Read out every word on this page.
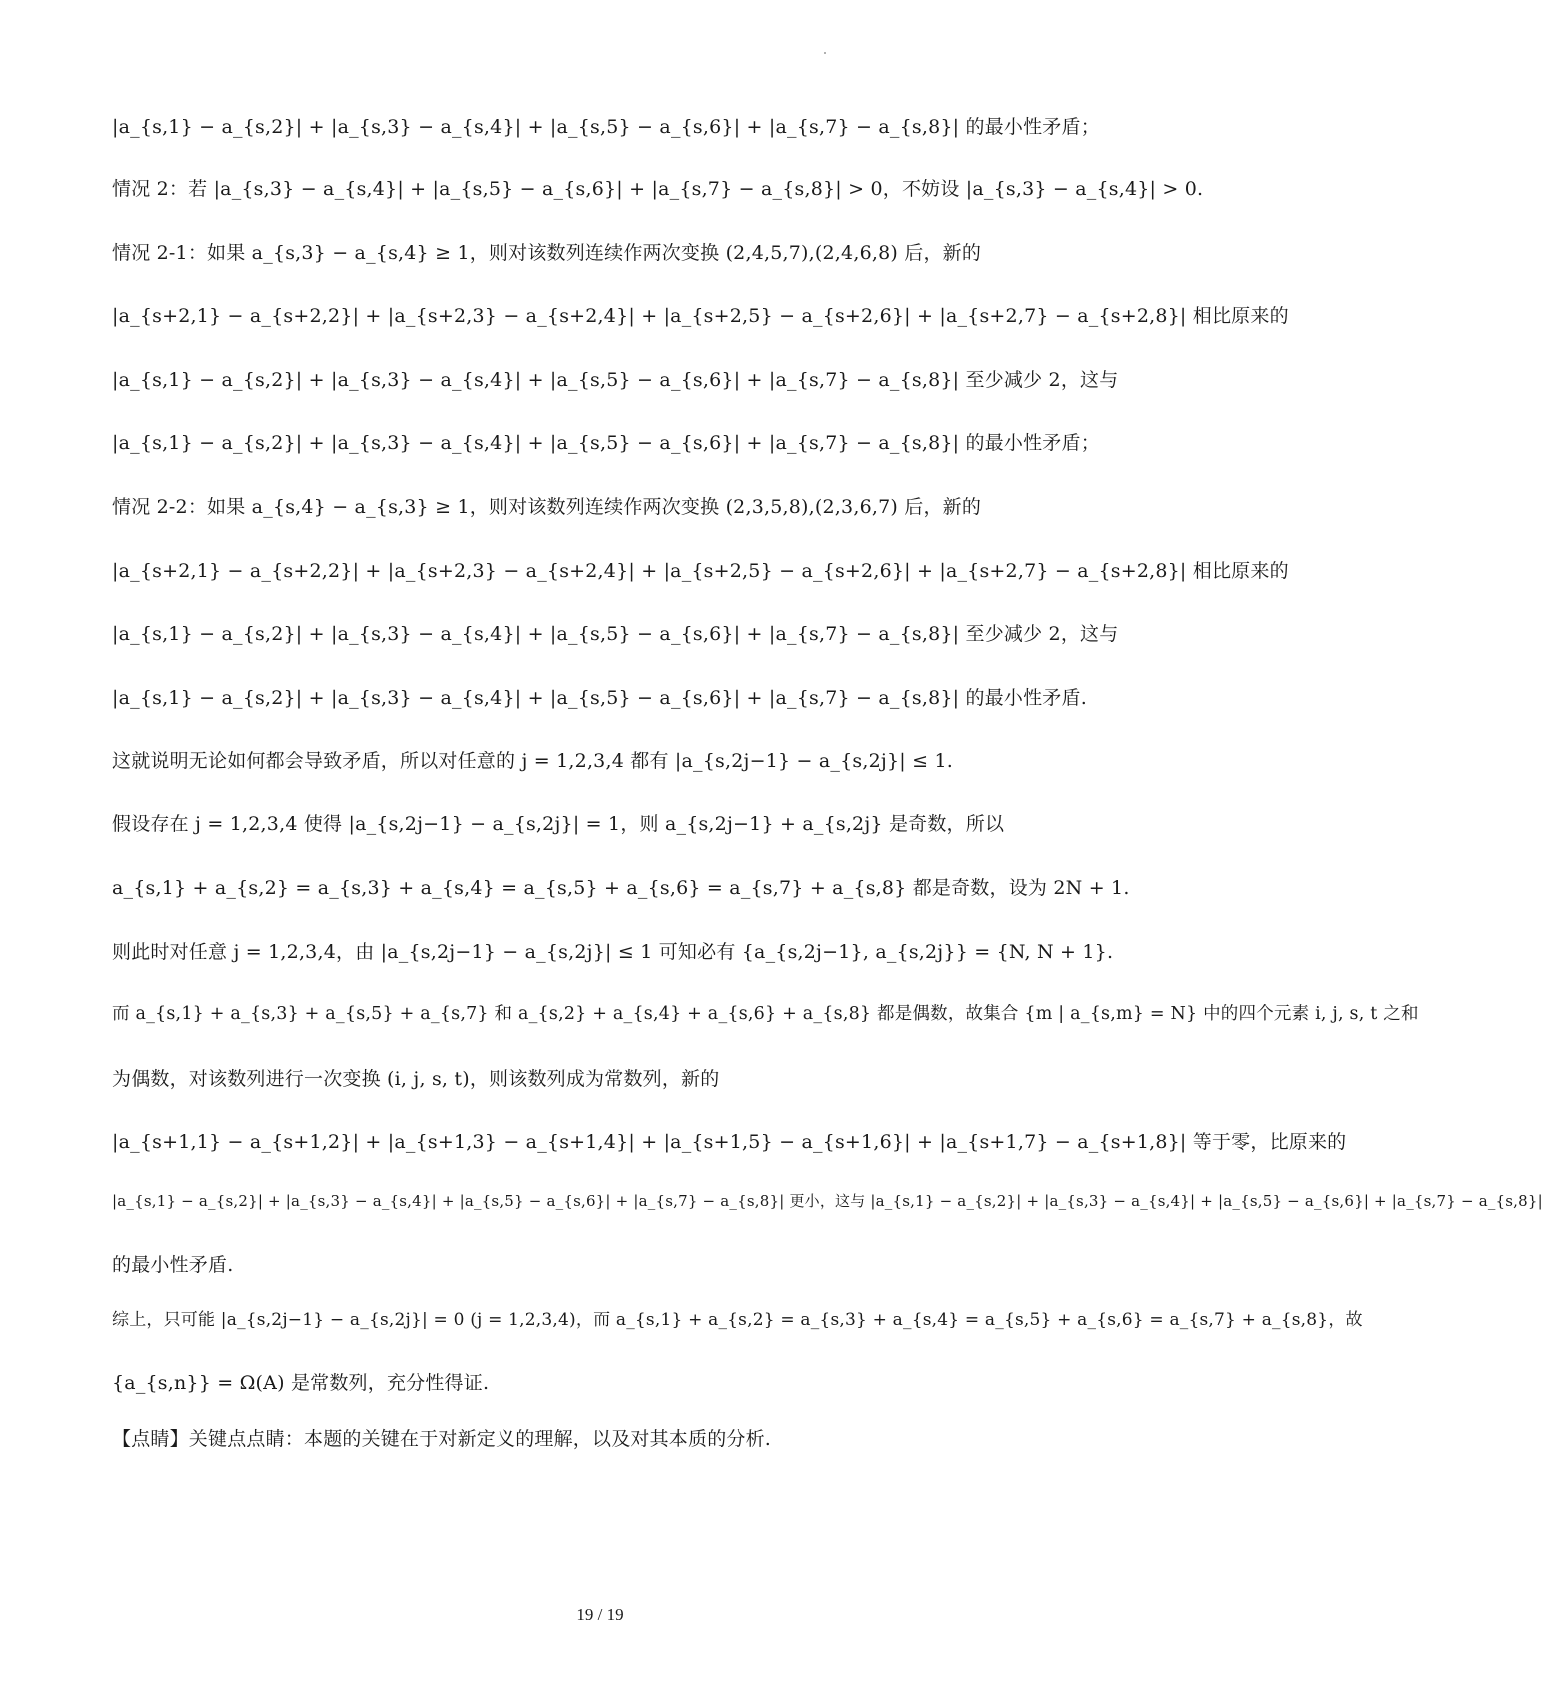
|a_{s,1} − a_{s,2}| + |a_{s,3} − a_{s,4}| + |a_{s,5} − a_{s,6}| + |a_{s,7} − a_{s,8}| 的最小性矛盾；
情况 2：若 |a_{s,3} − a_{s,4}| + |a_{s,5} − a_{s,6}| + |a_{s,7} − a_{s,8}| > 0，不妨设 |a_{s,3} − a_{s,4}| > 0.
情况 2-1：如果 a_{s,3} − a_{s,4} ≥ 1，则对该数列连续作两次变换 (2,4,5,7),(2,4,6,8) 后，新的
|a_{s+2,1} − a_{s+2,2}| + |a_{s+2,3} − a_{s+2,4}| + |a_{s+2,5} − a_{s+2,6}| + |a_{s+2,7} − a_{s+2,8}| 相比原来的
|a_{s,1} − a_{s,2}| + |a_{s,3} − a_{s,4}| + |a_{s,5} − a_{s,6}| + |a_{s,7} − a_{s,8}| 至少减少 2，这与
|a_{s,1} − a_{s,2}| + |a_{s,3} − a_{s,4}| + |a_{s,5} − a_{s,6}| + |a_{s,7} − a_{s,8}| 的最小性矛盾；
情况 2-2：如果 a_{s,4} − a_{s,3} ≥ 1，则对该数列连续作两次变换 (2,3,5,8),(2,3,6,7) 后，新的
|a_{s+2,1} − a_{s+2,2}| + |a_{s+2,3} − a_{s+2,4}| + |a_{s+2,5} − a_{s+2,6}| + |a_{s+2,7} − a_{s+2,8}| 相比原来的
|a_{s,1} − a_{s,2}| + |a_{s,3} − a_{s,4}| + |a_{s,5} − a_{s,6}| + |a_{s,7} − a_{s,8}| 至少减少 2，这与
|a_{s,1} − a_{s,2}| + |a_{s,3} − a_{s,4}| + |a_{s,5} − a_{s,6}| + |a_{s,7} − a_{s,8}| 的最小性矛盾.
这就说明无论如何都会导致矛盾，所以对任意的 j = 1,2,3,4 都有 |a_{s,2j−1} − a_{s,2j}| ≤ 1.
假设存在 j = 1,2,3,4 使得 |a_{s,2j−1} − a_{s,2j}| = 1，则 a_{s,2j−1} + a_{s,2j} 是奇数，所以
a_{s,1} + a_{s,2} = a_{s,3} + a_{s,4} = a_{s,5} + a_{s,6} = a_{s,7} + a_{s,8} 都是奇数，设为 2N + 1.
则此时对任意 j = 1,2,3,4，由 |a_{s,2j−1} − a_{s,2j}| ≤ 1 可知必有 {a_{s,2j−1}, a_{s,2j}} = {N, N + 1}.
而 a_{s,1} + a_{s,3} + a_{s,5} + a_{s,7} 和 a_{s,2} + a_{s,4} + a_{s,6} + a_{s,8} 都是偶数，故集合 {m | a_{s,m} = N} 中的四个元素 i, j, s, t 之和
为偶数，对该数列进行一次变换 (i, j, s, t)，则该数列成为常数列，新的
|a_{s+1,1} − a_{s+1,2}| + |a_{s+1,3} − a_{s+1,4}| + |a_{s+1,5} − a_{s+1,6}| + |a_{s+1,7} − a_{s+1,8}| 等于零，比原来的
|a_{s,1} − a_{s,2}| + |a_{s,3} − a_{s,4}| + |a_{s,5} − a_{s,6}| + |a_{s,7} − a_{s,8}| 更小，这与 |a_{s,1} − a_{s,2}| + |a_{s,3} − a_{s,4}| + |a_{s,5} − a_{s,6}| + |a_{s,7} − a_{s,8}|
的最小性矛盾.
综上，只可能 |a_{s,2j−1} − a_{s,2j}| = 0 (j = 1,2,3,4)，而 a_{s,1} + a_{s,2} = a_{s,3} + a_{s,4} = a_{s,5} + a_{s,6} = a_{s,7} + a_{s,8}，故
{a_{s,n}} = Ω(A) 是常数列，充分性得证.
【点睛】关键点点睛：本题的关键在于对新定义的理解，以及对其本质的分析.
19 / 19
